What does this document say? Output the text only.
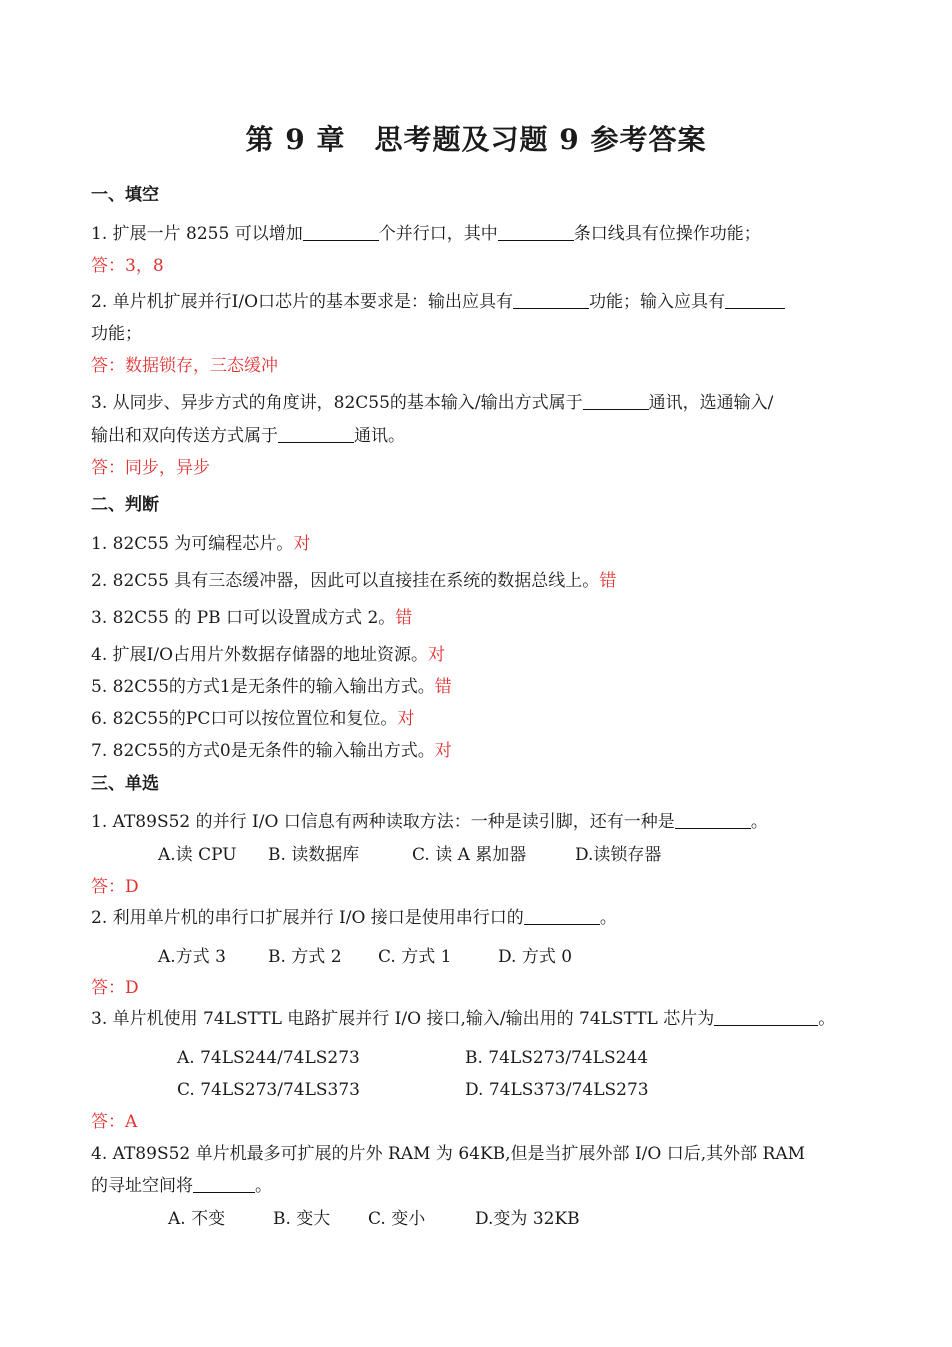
第 9 章　思考题及习题 9 参考答案
一、填空
1. 扩展一片 8255 可以增加	个并行口，其中	条口线具有位操作功能；
答：3，8
2. 单片机扩展并行I/O口芯片的基本要求是：输出应具有	功能；输入应具有
功能；
答：数据锁存，三态缓冲
3. 从同步、异步方式的角度讲，82C55的基本输入/输出方式属于	通讯，选通输入/
输出和双向传送方式属于	通讯。
答：同步，异步
二、判断
1. 82C55 为可编程芯片。对
2. 82C55 具有三态缓冲器，因此可以直接挂在系统的数据总线上。错
3. 82C55 的 PB 口可以设置成方式 2。错
4. 扩展I/O占用片外数据存储器的地址资源。对
5. 82C55的方式1是无条件的输入输出方式。错
6. 82C55的PC口可以按位置位和复位。对
7. 82C55的方式0是无条件的输入输出方式。对
三、单选
1. AT89S52 的并行 I/O 口信息有两种读取方法：一种是读引脚，还有一种是	。
A.读 CPU B. 读数据库	C. 读 A 累加器	D.读锁存器
答：D
2. 利用单片机的串行口扩展并行 I/O 接口是使用串行口的	。
A.方式 3 B. 方式 2 C. 方式 1	D. 方式 0
答：D
3. 单片机使用 74LSTTL 电路扩展并行 I/O 接口,输入/输出用的 74LSTTL 芯片为	。
A. 74LS244/74LS273	B. 74LS273/74LS244
C. 74LS273/74LS373	D. 74LS373/74LS273
答：A
4. AT89S52 单片机最多可扩展的片外 RAM 为 64KB,但是当扩展外部 I/O 口后,其外部 RAM
的寻址空间将	。
A. 不变	B. 变大 C. 变小	D.变为 32KB
